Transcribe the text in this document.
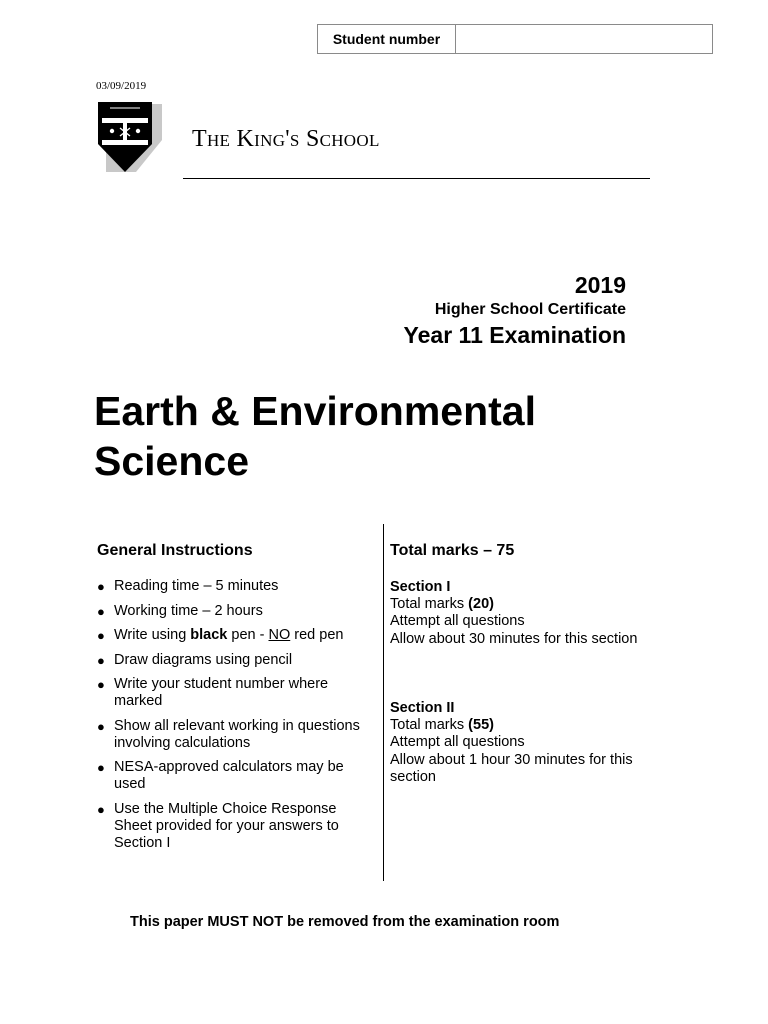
Student number
03/09/2019
The King's School
2019
Higher School Certificate
Year 11 Examination
Earth & Environmental
Science
General Instructions
● Reading time – 5 minutes
● Working time – 2 hours
● Write using black pen - NO red pen
● Draw diagrams using pencil
● Write your student number where marked
● Show all relevant working in questions involving calculations
● NESA-approved calculators may be used
● Use the Multiple Choice Response Sheet provided for your answers to Section I
Total marks – 75
Section I
Total marks (20)
Attempt all questions
Allow about 30 minutes for this section
Section II
Total marks (55)
Attempt all questions
Allow about 1 hour 30 minutes for this section
This paper MUST NOT be removed from the examination room
